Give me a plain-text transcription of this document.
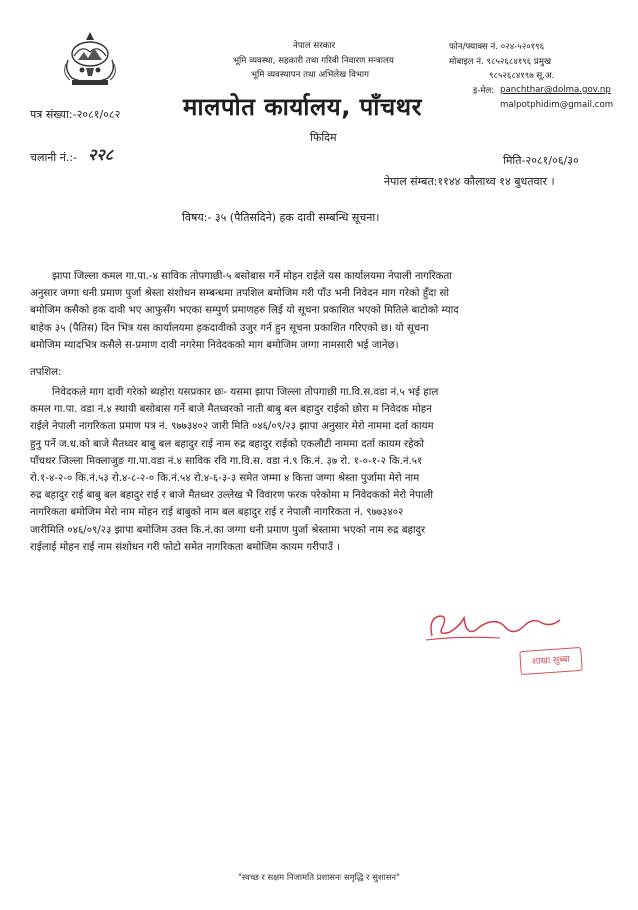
नेपाल सरकार
भूमि व्यवस्था, सहकारी तथा गरिबी निवारण मन्त्रालय
भूमि व्यवस्थापन तथा अभिलेख विभाग
फोन/फ्याक्स नं. ०२४-५२०१९६
मोबाइल नं. ९८५२६८४१९६ प्रमुख
९८५२६८४१९७ सू.अ.
इ-मेल: panchthar@dolma.gov.np
malpotphidim@gmail.com
मालपोत कार्यालय, पाँचथर
फिदिम
पत्र संख्या:-२०८१/०८२
चलानी नं.:- २२८	मिति-२०८१/०६/३०
नेपाल संम्बत:११४४ कौलाथ्व १४ बुधतवार ।
विषय:- ३५ (पैतिसदिने) हक दावी सम्बन्धि सूचना।
झापा जिल्ला कमल गा.पा.-४ साविक तोपगाछी-५ बसोबास गर्ने मोहन राईले यस कार्यालयमा नेपाली नागरिकता
अनुसार जग्गा धनी प्रमाण पुर्जा श्रेस्ता संशोधन सम्बन्धमा तपशिल बमोजिम गरी पाँउ भनी निवेदन माग गरेको हुँदा सो
बमोजिम कसैको हक दावी भए आफुसँग भएका सम्पुर्ण प्रमाणहरु लिई यो सूचना प्रकाशित भएको मितिले बाटोको म्याद
बाहेक ३५ (पैतिस) दिन भित्र यस कार्यालयमा हकदावीको उजुर गर्न हुन सूचना प्रकाशित गरिएको छ। यो सूचना
बमोजिम म्यादभित्र कसैले स-प्रमाण दावी नगरेमा निवेदकको माग बमोजिम जग्गा नामसारी भई जानेछ।
तपशिल:
निवेदकले माग दावी गरेको ब्यहोरा यसप्रकार छः- यसमा झापा जिल्ला तोपगाछी गा.वि.स.वडा नं.५ भई हाल
कमल गा.पा. वडा नं.४ स्थायी बसोबास गर्ने बाजे मैतध्वरको नाती बाबु बल बहादुर राईको छोरा म निवेदक मोहन
राईले नेपाली नागरिकता प्रमाण पत्र नं. ९७७३४०२ जारी मिति ०४६/०९/२३ झापा अनुसार मेरो नाममा दर्ता कायम
हुनु पर्ने ज.ध.को बाजे मैतध्वर बाबु बल बहादुर राई नाम रुद्र बहादुर राईको एकलौटी नाममा दर्ता कायम रहेको
पाँचथर जिल्ला मिक्लाजुङ गा.पा.वडा नं.४ साविक रवि गा.वि.स. वडा नं.९ कि.नं. ३७ रो. १-०-१-२ कि.नं.५१
रो.१-४-२-० कि.नं.५३ रो.४-८-२-० कि.नं.५४ रो.४-६-३-३ समेत जम्मा ४ कित्ता जग्गा श्रेस्ता पुर्जामा मेरो नाम
रुद्र बहादुर राई बाबु बल बहादुर राई र बाजे मैतध्वर उल्लेख भै विवारण फरक परेकोमा म निवेदकको मेरो नेपाली
नागरिकता बमोजिम मेरो नाम मोहन राई बाबुको नाम बल बहादुर राई र नेपाली नागरिकता नं. ९७७३४०२
जारीमिति ०४६/०९/२३ झापा बमोजिम उक्त कि.नं.का जग्गा धनी प्रमाण पुर्जा श्रेस्तामा भएको नाम रुद्र बहादुर
राईलाई मोहन राई नाम संशोधन गरी फोटो समेत नागरिकता बमोजिम कायम गरीपाउँ ।
शाखा सुब्बा
"स्वच्छ र सक्षम निजामति प्रशासनः समृद्धि र सुशासन"
